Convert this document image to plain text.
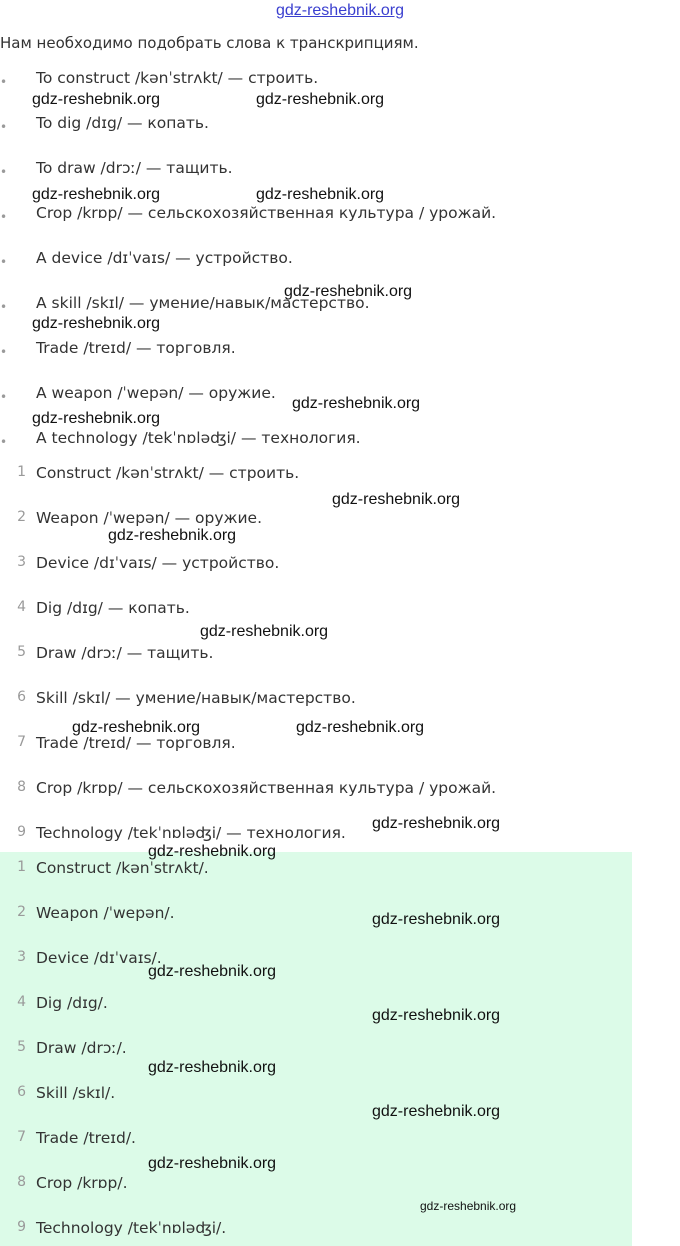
gdz-reshebnik.org
Нам необходимо подобрать слова к транскрипциям.
• To construct /kənˈstrʌkt/ — строить.
• To dig /dɪg/ — копать.
• To draw /drɔː/ — тащить.
• Crop /krɒp/ — сельскохозяйственная культура / урожай.
• A device /dɪˈvaɪs/ — устройство.
• A skill /skɪl/ — умение/навык/мастерство.
• Trade /treɪd/ — торговля.
• A weapon /ˈwepən/ — оружие.
• A technology /tekˈnɒləʤi/ — технология.
1 Construct /kənˈstrʌkt/ — строить.
2 Weapon /ˈwepən/ — оружие.
3 Device /dɪˈvaɪs/ — устройство.
4 Dig /dɪg/ — копать.
5 Draw /drɔː/ — тащить.
6 Skill /skɪl/ — умение/навык/мастерство.
7 Trade /treɪd/ — торговля.
8 Crop /krɒp/ — сельскохозяйственная культура / урожай.
9 Technology /tekˈnɒləʤi/ — технология.
1 Construct /kənˈstrʌkt/.
2 Weapon /ˈwepən/.
3 Device /dɪˈvaɪs/.
4 Dig /dɪg/.
5 Draw /drɔː/.
6 Skill /skɪl/.
7 Trade /treɪd/.
8 Crop /krɒp/.
9 Technology /tekˈnɒləʤi/.
gdz-reshebnik.org	gdz-reshebnik.org
gdz-reshebnik.org	gdz-reshebnik.org
gdz-reshebnik.org
gdz-reshebnik.org
gdz-reshebnik.org
gdz-reshebnik.org
gdz-reshebnik.org
gdz-reshebnik.org
gdz-reshebnik.org
gdz-reshebnik.org	gdz-reshebnik.org
gdz-reshebnik.org
gdz-reshebnik.org
gdz-reshebnik.org
gdz-reshebnik.org
gdz-reshebnik.org
gdz-reshebnik.org
gdz-reshebnik.org
gdz-reshebnik.org
gdz-reshebnik.org
